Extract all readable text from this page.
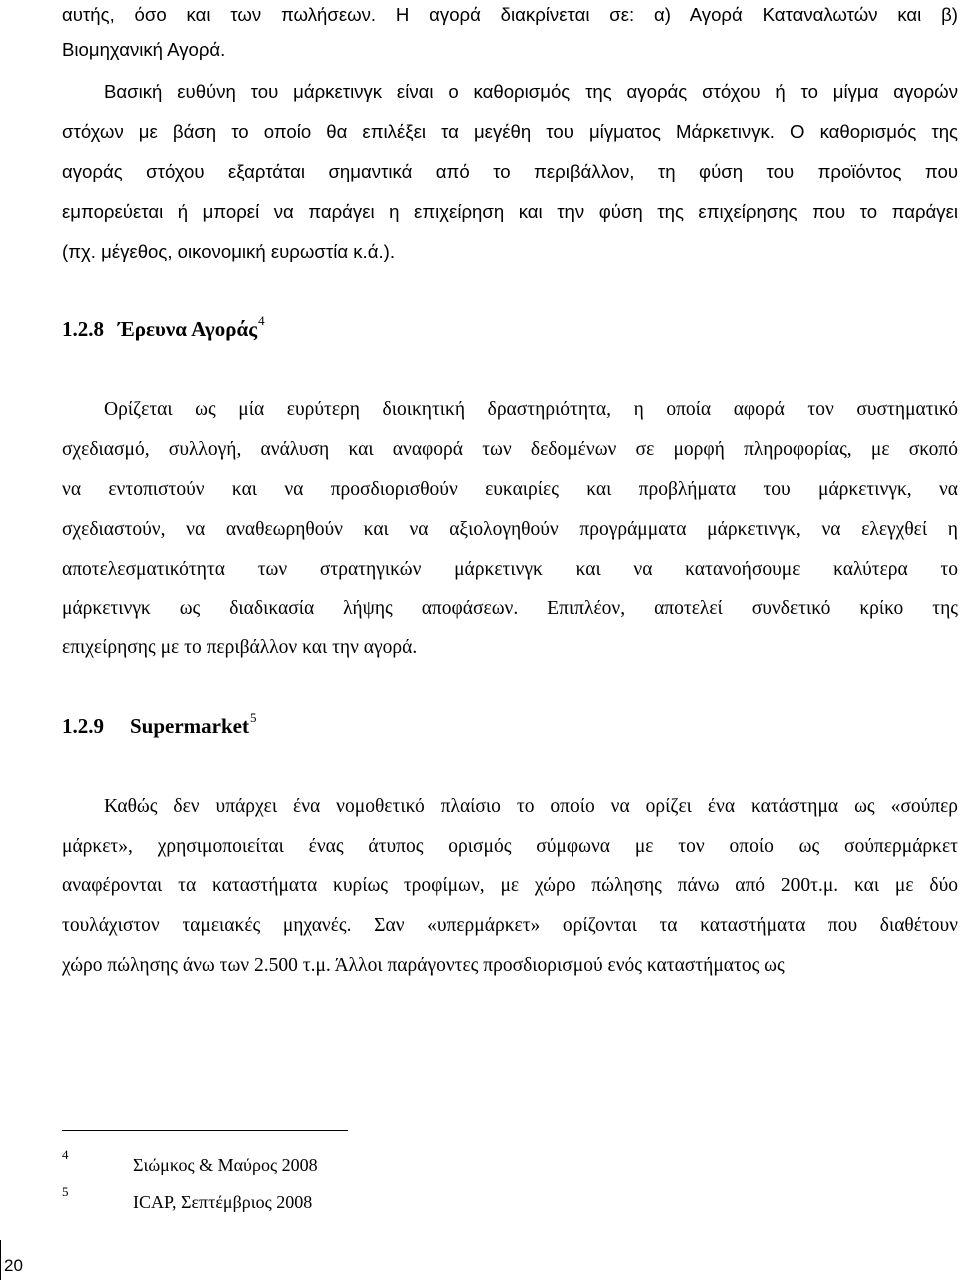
αυτής, όσο και των πωλήσεων. Η αγορά διακρίνεται σε: α) Αγορά Καταναλωτών και β)
Βιομηχανική Αγορά.
Βασική ευθύνη του μάρκετινγκ είναι ο καθορισμός της αγοράς στόχου ή το μίγμα αγορών
στόχων με βάση το οποίο θα επιλέξει τα μεγέθη του μίγματος Μάρκετινγκ. Ο καθορισμός της
αγοράς στόχου εξαρτάται σημαντικά από το περιβάλλον, τη φύση του προϊόντος που
εμπορεύεται ή μπορεί να παράγει η επιχείρηση και την φύση της επιχείρησης που το παράγει
(πχ. μέγεθος, οικονομική ευρωστία κ.ά.).
1.2.8 Έρευνα Αγοράς$^4$
Ορίζεται ως μία ευρύτερη διοικητική δραστηριότητα, η οποία αφορά τον συστηματικό
σχεδιασμό, συλλογή, ανάλυση και αναφορά των δεδομένων σε μορφή πληροφορίας, με σκοπό
να εντοπιστούν και να προσδιορισθούν ευκαιρίες και προβλήματα του μάρκετινγκ, να
σχεδιαστούν, να αναθεωρηθούν και να αξιολογηθούν προγράμματα μάρκετινγκ, να ελεγχθεί η
αποτελεσματικότητα των στρατηγικών μάρκετινγκ και να κατανοήσουμε καλύτερα το
μάρκετινγκ ως διαδικασία λήψης αποφάσεων. Επιπλέον, αποτελεί συνδετικό κρίκο της
επιχείρησης με το περιβάλλον και την αγορά.
1.2.9 Supermarket$^5$
Καθώς δεν υπάρχει ένα νομοθετικό πλαίσιο το οποίο να ορίζει ένα κατάστημα ως «σούπερ
μάρκετ», χρησιμοποιείται ένας άτυπος ορισμός σύμφωνα με τον οποίο ως σούπερμάρκετ
αναφέρονται τα καταστήματα κυρίως τροφίμων, με χώρο πώλησης πάνω από 200τ.μ. και με δύο
τουλάχιστον ταμειακές μηχανές. Σαν «υπερμάρκετ» ορίζονται τα καταστήματα που διαθέτουν
χώρο πώλησης άνω των 2.500 τ.μ. Άλλοι παράγοντες προσδιορισμού ενός καταστήματος ως
4
Σιώμκος & Μαύρος 2008
5
ICAP, Σεπτέμβριος 2008
20
